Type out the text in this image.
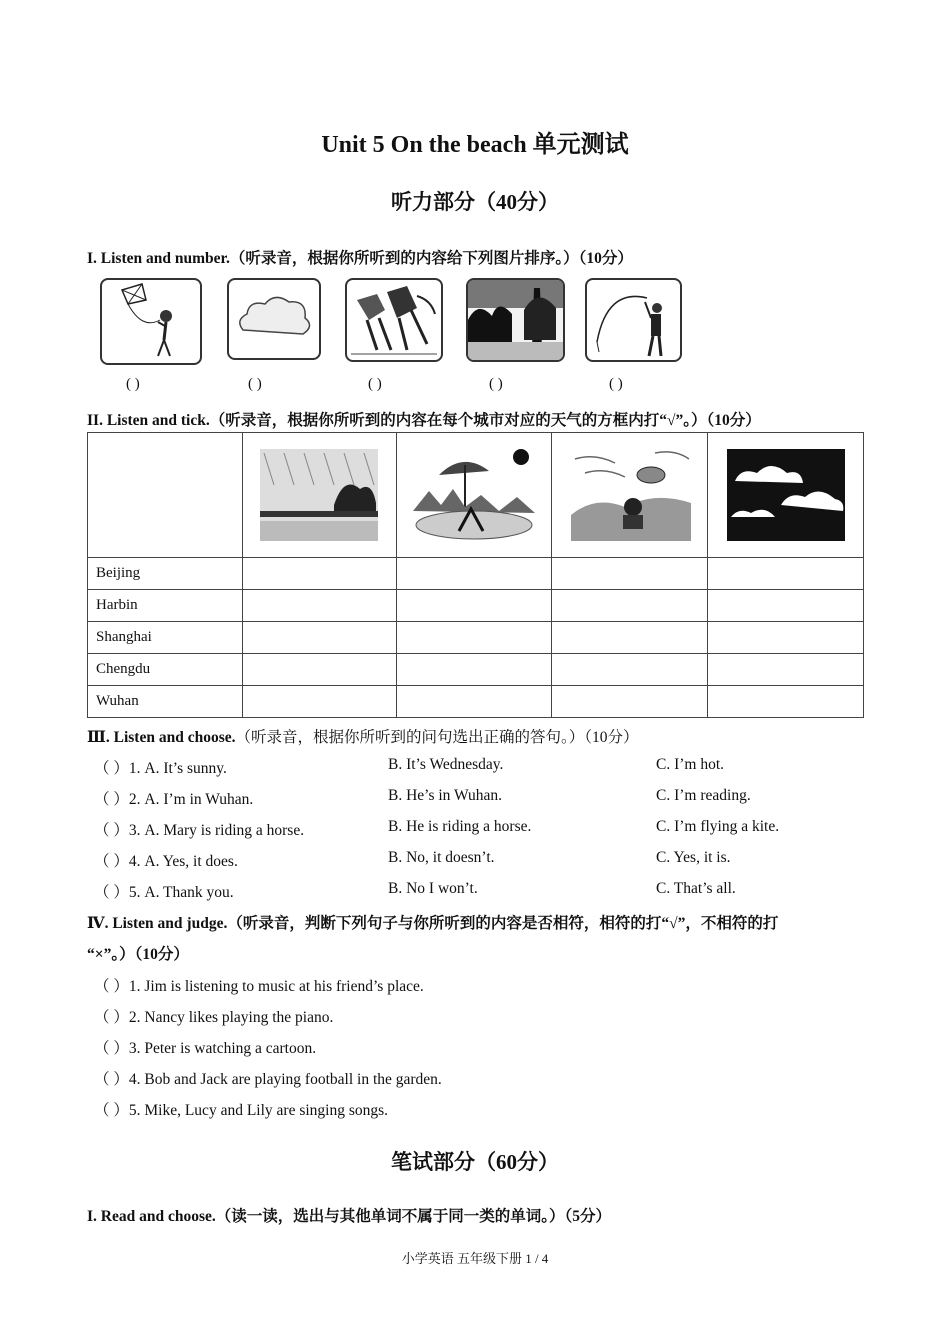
Unit 5 On the beach 单元测试
听力部分（40分）
I. Listen and number.（听录音，根据你所听到的内容给下列图片排序。）（10分）
( )	( )	( )	( )	( )
II. Listen and tick.（听录音，根据你所听到的内容在每个城市对应的天气的方框内打“√”。）（10分）

Beijing				
Harbin				
Shanghai				
Chengdu				
Wuhan				
Ⅲ. Listen and choose.（听录音，根据你所听到的问句选出正确的答句。）（10分）
（ ）1. A. It’s sunny.	B. It’s Wednesday.	C. I’m hot.
（ ）2. A. I’m in Wuhan.	B. He’s in Wuhan.	C. I’m reading.
（ ）3. A. Mary is riding a horse.	B. He is riding a horse.	C. I’m flying a kite.
（ ）4. A. Yes, it does.	B. No, it doesn’t.	C. Yes, it is.
（ ）5. A. Thank you.	B. No I won’t.	C. That’s all.
Ⅳ. Listen and judge.（听录音，判断下列句子与你所听到的内容是否相符，相符的打“√”，不相符的打
“×”。）（10分）
（ ）1. Jim is listening to music at his friend’s place.
（ ）2. Nancy likes playing the piano.
（ ）3. Peter is watching a cartoon.
（ ）4. Bob and Jack are playing football in the garden.
（ ）5. Mike, Lucy and Lily are singing songs.
笔试部分（60分）
I. Read and choose.（读一读，选出与其他单词不属于同一类的单词。）（5分）
小学英语 五年级下册 1 / 4
